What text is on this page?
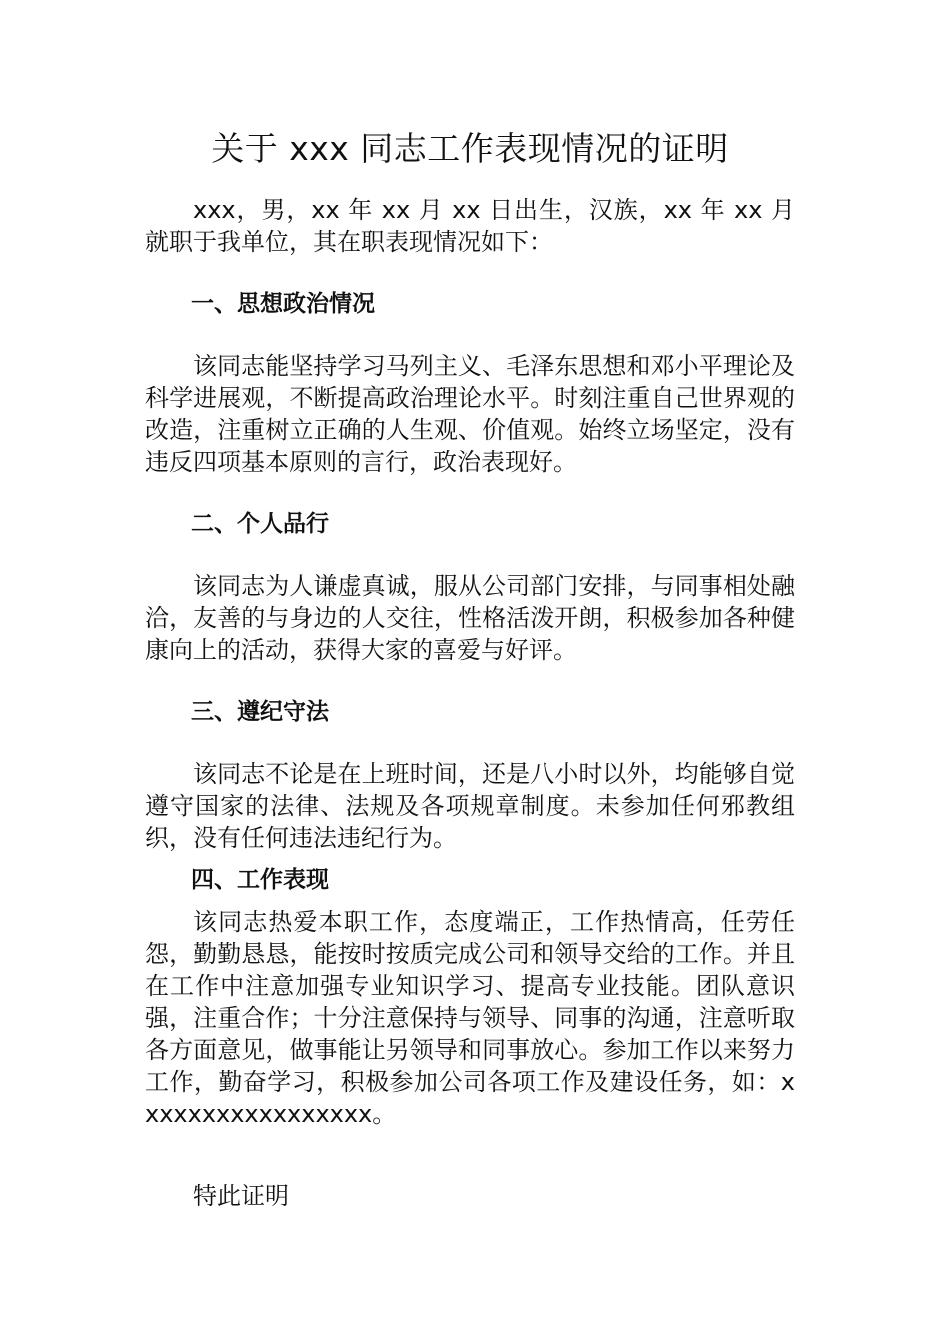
关于 xxx 同志工作表现情况的证明

xxx，男，xx 年 xx 月 xx 日出生，汉族，xx 年 xx 月就职于我单位，其在职表现情况如下：

一、思想政治情况

该同志能坚持学习马列主义、毛泽东思想和邓小平理论及科学进展观，不断提高政治理论水平。时刻注重自己世界观的改造，注重树立正确的人生观、价值观。始终立场坚定，没有违反四项基本原则的言行，政治表现好。

二、个人品行

该同志为人谦虚真诚，服从公司部门安排，与同事相处融洽，友善的与身边的人交往，性格活泼开朗，积极参加各种健康向上的活动，获得大家的喜爱与好评。

三、遵纪守法

该同志不论是在上班时间，还是八小时以外，均能够自觉遵守国家的法律、法规及各项规章制度。未参加任何邪教组织，没有任何违法违纪行为。

四、工作表现

该同志热爱本职工作，态度端正，工作热情高，任劳任怨，勤勤恳恳，能按时按质完成公司和领导交给的工作。并且在工作中注意加强专业知识学习、提高专业技能。团队意识强，注重合作；十分注意保持与领导、同事的沟通，注意听取各方面意见，做事能让另领导和同事放心。参加工作以来努力工作，勤奋学习，积极参加公司各项工作及建设任务，如：xxxxxxxxxxxxxxxxx。

特此证明
